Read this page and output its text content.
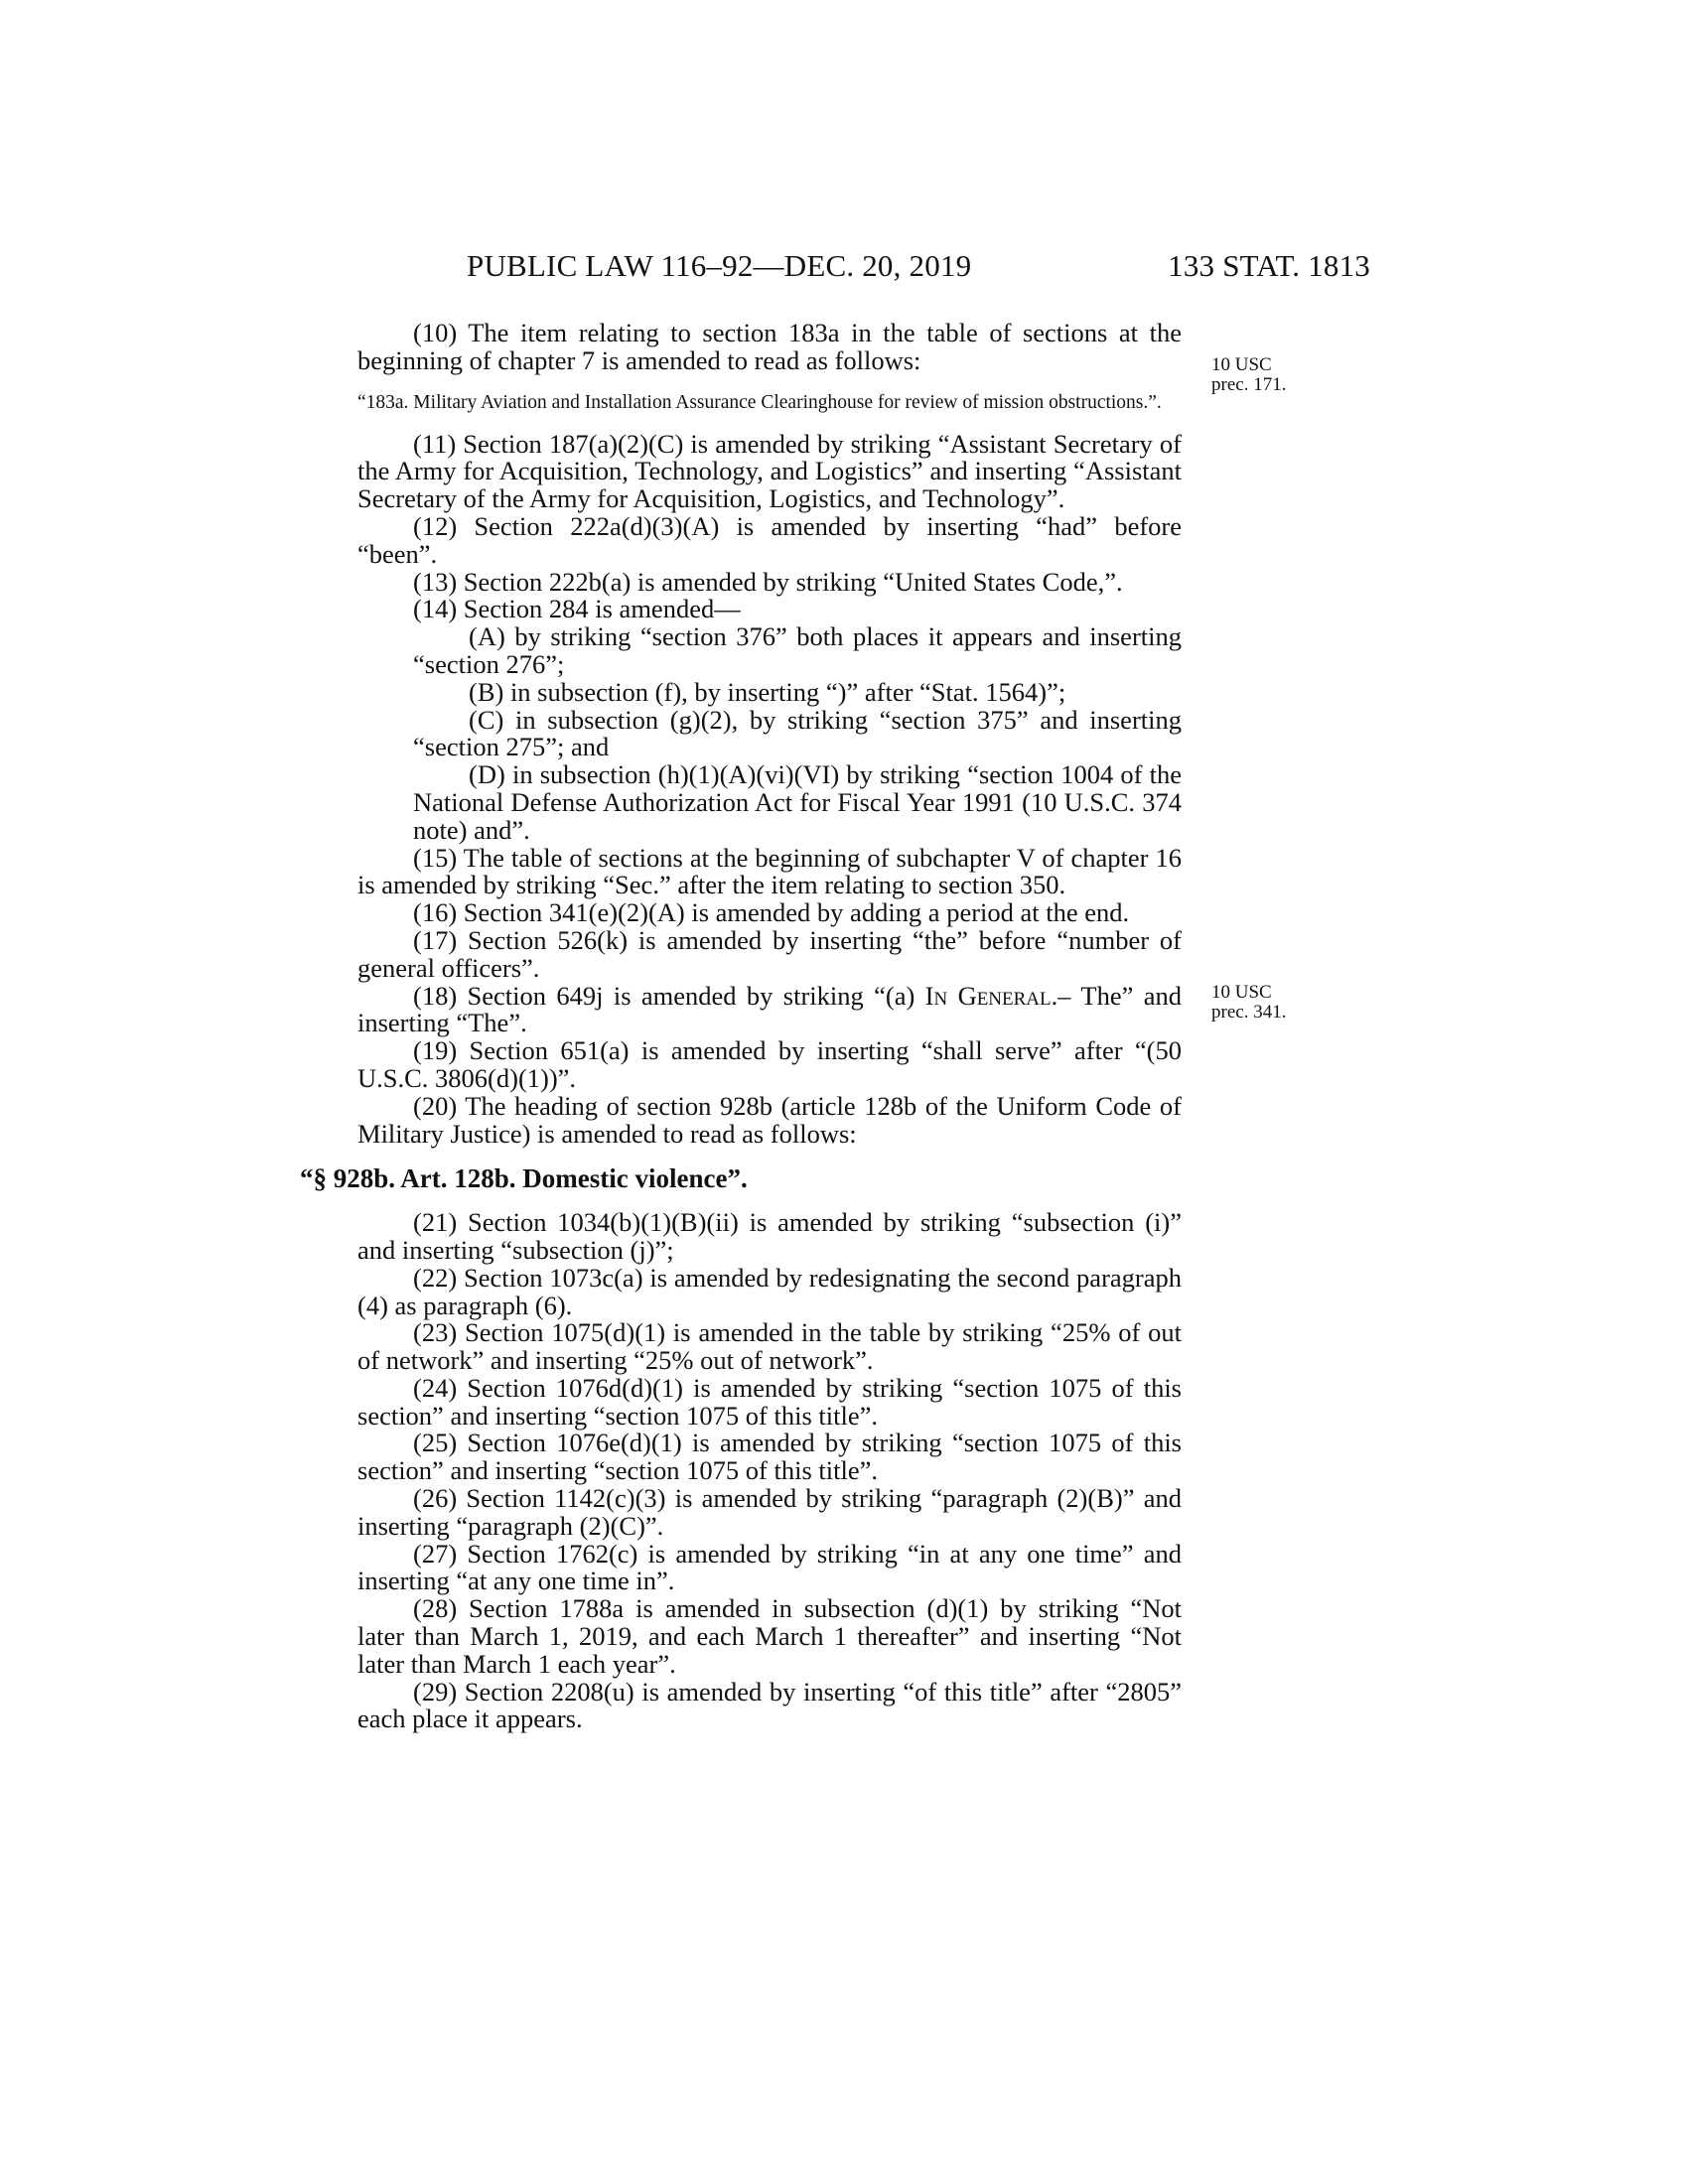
PUBLIC LAW 116–92—DEC. 20, 2019	133 STAT. 1813
10 USC
prec. 171.
10 USC
prec. 341.

(10) The item relating to section 183a in the table of sections at the beginning of chapter 7 is amended to read as follows:

“183a. Military Aviation and Installation Assurance Clearinghouse for review of mission obstructions.”.

(11) Section 187(a)(2)(C) is amended by striking “Assistant Secretary of the Army for Acquisition, Technology, and Logistics” and inserting “Assistant Secretary of the Army for Acquisition, Logistics, and Technology”.

(12) Section 222a(d)(3)(A) is amended by inserting “had” before “been”.

(13) Section 222b(a) is amended by striking “United States Code,”.

(14) Section 284 is amended—

(A) by striking “section 376” both places it appears and inserting “section 276”;

(B) in subsection (f), by inserting “)” after “Stat. 1564)”;

(C) in subsection (g)(2), by striking “section 375” and inserting “section 275”; and

(D) in subsection (h)(1)(A)(vi)(VI) by striking “section 1004 of the National Defense Authorization Act for Fiscal Year 1991 (10 U.S.C. 374 note) and”.

(15) The table of sections at the beginning of subchapter V of chapter 16 is amended by striking “Sec.” after the item relating to section 350.

(16) Section 341(e)(2)(A) is amended by adding a period at the end.

(17) Section 526(k) is amended by inserting “the” before “number of general officers”.

(18) Section 649j is amended by striking “(a) In General.– The” and inserting “The”.

(19) Section 651(a) is amended by inserting “shall serve” after “(50 U.S.C. 3806(d)(1))”.

(20) The heading of section 928b (article 128b of the Uniform Code of Military Justice) is amended to read as follows:

“§ 928b. Art. 128b. Domestic violence”.

(21) Section 1034(b)(1)(B)(ii) is amended by striking “subsection (i)” and inserting “subsection (j)”;

(22) Section 1073c(a) is amended by redesignating the second paragraph (4) as paragraph (6).

(23) Section 1075(d)(1) is amended in the table by striking “25% of out of network” and inserting “25% out of network”.

(24) Section 1076d(d)(1) is amended by striking “section 1075 of this section” and inserting “section 1075 of this title”.

(25) Section 1076e(d)(1) is amended by striking “section 1075 of this section” and inserting “section 1075 of this title”.

(26) Section 1142(c)(3) is amended by striking “paragraph (2)(B)” and inserting “paragraph (2)(C)”.

(27) Section 1762(c) is amended by striking “in at any one time” and inserting “at any one time in”.

(28) Section 1788a is amended in subsection (d)(1) by striking “Not later than March 1, 2019, and each March 1 thereafter” and inserting “Not later than March 1 each year”.

(29) Section 2208(u) is amended by inserting “of this title” after “2805” each place it appears.
